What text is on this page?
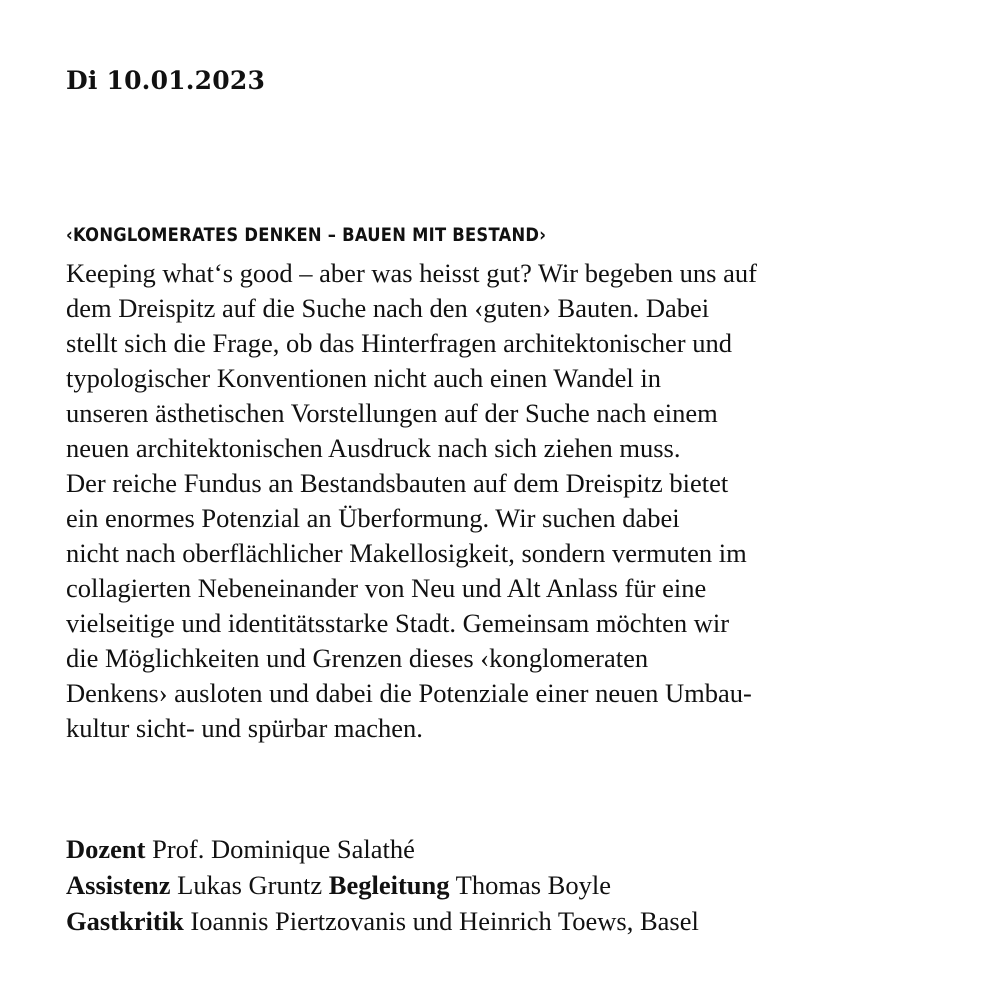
Di 10.01.2023
‹KONGLOMERATES DENKEN – BAUEN MIT BESTAND›
Keeping what‘s good – aber was heisst gut? Wir begeben uns auf
dem Dreispitz auf die Suche nach den ‹guten› Bauten. Dabei
stellt sich die Frage, ob das Hinterfragen architektonischer und
typologischer Konventionen nicht auch einen Wandel in
unseren ästhetischen Vorstellungen auf der Suche nach einem
neuen architektonischen Ausdruck nach sich ziehen muss.
Der reiche Fundus an Bestandsbauten auf dem Dreispitz bietet
ein enormes Potenzial an Überformung. Wir suchen dabei
nicht nach oberflächlicher Makellosigkeit, sondern vermuten im
collagierten Nebeneinander von Neu und Alt Anlass für eine
vielseitige und identitätsstarke Stadt. Gemeinsam möchten wir
die Möglichkeiten und Grenzen dieses ‹konglomeraten
Denkens› ausloten und dabei die Potenziale einer neuen Umbau-
kultur sicht- und spürbar machen.
Dozent Prof. Dominique Salathé
Assistenz Lukas Gruntz Begleitung Thomas Boyle
Gastkritik Ioannis Piertzovanis und Heinrich Toews, Basel
